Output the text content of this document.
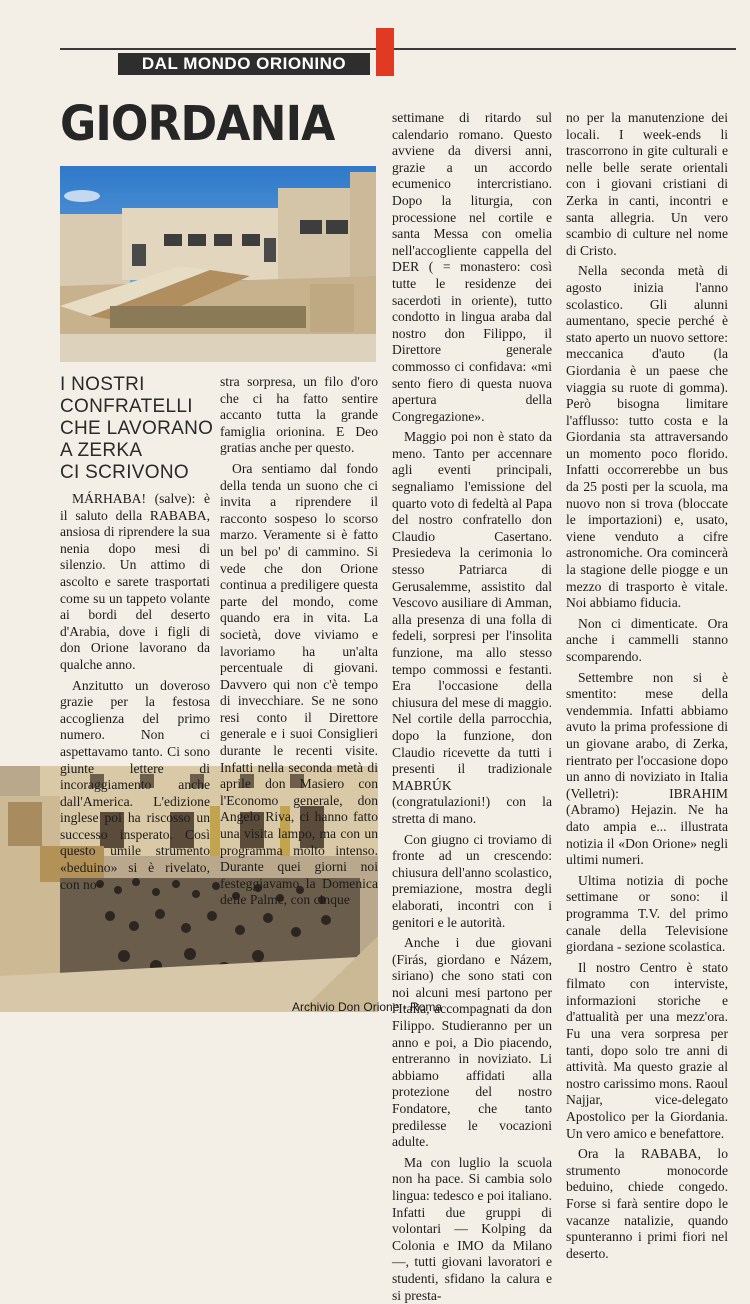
DAL MONDO ORIONINO
GIORDANIA
I NOSTRI
CONFRATELLI
CHE LAVORANO
A ZERKA
CI SCRIVONO

MÁRHABA! (salve): è il saluto della RABABA, ansiosa di riprendere la sua nenia dopo mesi di silenzio. Un attimo di ascolto e sarete trasportati come su un tappeto volante ai bordi del deserto d'Arabia, dove i figli di don Orione lavorano da qualche anno.

Anzitutto un doveroso grazie per la festosa accoglienza del primo numero. Non ci aspettavamo tanto. Ci sono giunte lettere di incoraggiamento anche dall'America. L'edizione inglese poi ha riscosso un successo insperato. Così questo umile strumento «beduino» si è rivelato, con no-

stra sorpresa, un filo d'oro che ci ha fatto sentire accanto tutta la grande famiglia orionina. E Deo gratias anche per questo.

Ora sentiamo dal fondo della tenda un suono che ci invita a riprendere il racconto sospeso lo scorso marzo. Veramente si è fatto un bel po' di cammino. Si vede che don Orione continua a prediligere questa parte del mondo, come quando era in vita. La società, dove viviamo e lavoriamo ha un'alta percentuale di giovani. Davvero qui non c'è tempo di invecchiare. Se ne sono resi conto il Direttore generale e i suoi Consiglieri durante le recenti visite. Infatti nella seconda metà di aprile don Masiero con l'Economo generale, don Angelo Riva, ci hanno fatto una visita lampo, ma con un programma molto intenso. Durante quei giorni noi festeggiavamo la Domenica delle Palme, con cinque

settimane di ritardo sul calendario romano. Questo avviene da diversi anni, grazie a un accordo ecumenico intercristiano. Dopo la liturgia, con processione nel cortile e santa Messa con omelia nell'accogliente cappella del DER ( = monastero: così tutte le residenze dei sacerdoti in oriente), tutto condotto in lingua araba dal nostro don Filippo, il Direttore generale commosso ci confidava: «mi sento fiero di questa nuova apertura della Congregazione».

Maggio poi non è stato da meno. Tanto per accennare agli eventi principali, segnaliamo l'emissione del quarto voto di fedeltà al Papa del nostro confratello don Claudio Casertano. Presiedeva la cerimonia lo stesso Patriarca di Gerusalemme, assistito dal Vescovo ausiliare di Amman, alla presenza di una folla di fedeli, sorpresi per l'insolita funzione, ma allo stesso tempo commossi e festanti. Era l'occasione della chiusura del mese di maggio. Nel cortile della parrocchia, dopo la funzione, don Claudio ricevette da tutti i presenti il tradizionale MABRÚK (congratulazioni!) con la stretta di mano.

Con giugno ci troviamo di fronte ad un crescendo: chiusura dell'anno scolastico, premiazione, mostra degli elaborati, incontri con i genitori e le autorità.

Anche i due giovani (Firás, giordano e Názem, siriano) che sono stati con noi alcuni mesi partono per l'Italia, accompagnati da don Filippo. Studieranno per un anno e poi, a Dio piacendo, entreranno in noviziato. Li abbiamo affidati alla protezione del nostro Fondatore, che tanto predilesse le vocazioni adulte.

Ma con luglio la scuola non ha pace. Si cambia solo lingua: tedesco e poi italiano. Infatti due gruppi di volontari — Kolping da Colonia e IMO da Milano —, tutti giovani lavoratori e studenti, sfidano la calura e si presta-

no per la manutenzione dei locali. I week-ends li trascorrono in gite culturali e nelle belle serate orientali con i giovani cristiani di Zerka in canti, incontri e santa allegria. Un vero scambio di culture nel nome di Cristo.

Nella seconda metà di agosto inizia l'anno scolastico. Gli alunni aumentano, specie perché è stato aperto un nuovo settore: meccanica d'auto (la Giordania è un paese che viaggia su ruote di gomma). Però bisogna limitare l'afflusso: tutto costa e la Giordania sta attraversando un momento poco florido. Infatti occorrerebbe un bus da 25 posti per la scuola, ma nuovo non si trova (bloccate le importazioni) e, usato, viene venduto a cifre astronomiche. Ora comincerà la stagione delle piogge e un mezzo di trasporto è vitale. Noi abbiamo fiducia.

Non ci dimenticate. Ora anche i cammelli stanno scomparendo.

Settembre non si è smentito: mese della vendemmia. Infatti abbiamo avuto la prima professione di un giovane arabo, di Zerka, rientrato per l'occasione dopo un anno di noviziato in Italia (Velletri): IBRAHIM (Abramo) Hejazin. Ne ha dato ampia e... illustrata notizia il «Don Orione» negli ultimi numeri.

Ultima notizia di poche settimane or sono: il programma T.V. del primo canale della Televisione giordana - sezione scolastica.

Il nostro Centro è stato filmato con interviste, informazioni storiche e d'attualità per una mezz'ora. Fu una vera sorpresa per tanti, dopo solo tre anni di attività. Ma questo grazie al nostro carissimo mons. Raoul Najjar, vice-delegato Apostolico per la Giordania. Un vero amico e benefattore.

Ora la RABABA, lo strumento monocorde beduino, chiede congedo. Forse si farà sentire dopo le vacanze natalizie, quando spunteranno i primi fiori nel deserto.

Archivio Don Orione - Roma
